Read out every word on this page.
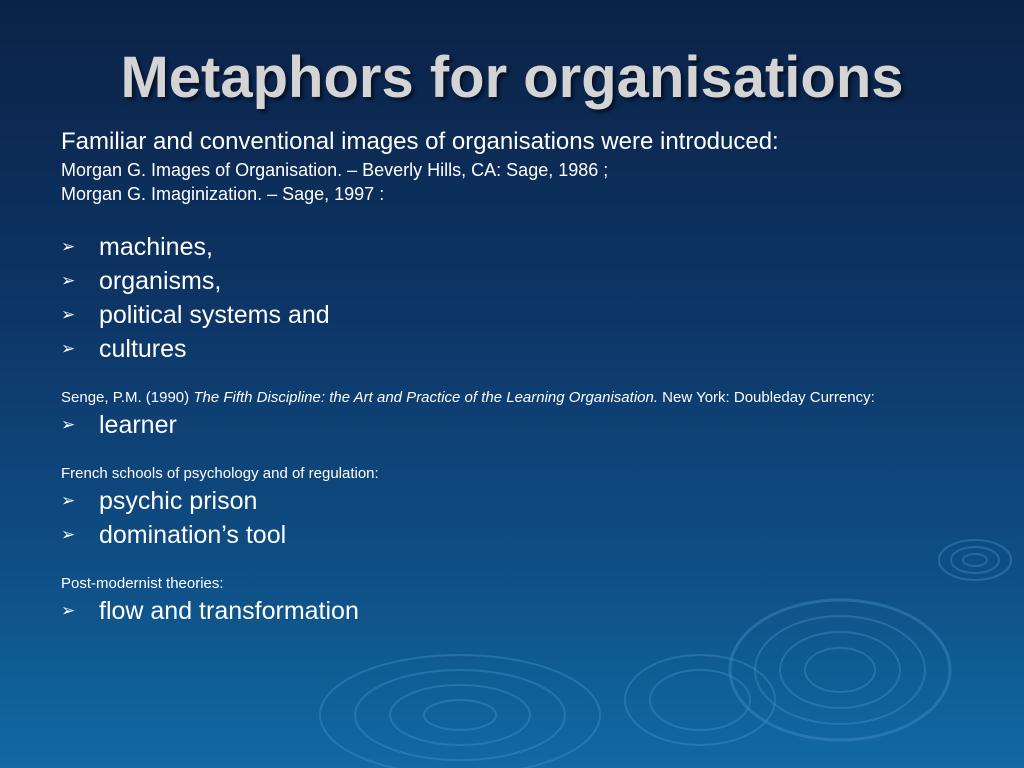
Metaphors for organisations
Familiar and conventional images of organisations were introduced:
Morgan G. Images of Organisation. – Beverly Hills, CA: Sage, 1986 ;
Morgan G. Imaginization. – Sage, 1997 :
➢ machines,
➢ organisms,
➢ political systems and
➢ cultures
Senge, P.M. (1990) The Fifth Discipline: the Art and Practice of the Learning Organisation. New York: Doubleday Currency:
➢ learner
French schools of psychology and of regulation:
➢ psychic prison
➢ domination’s tool
Post-modernist theories:
➢ flow and transformation
